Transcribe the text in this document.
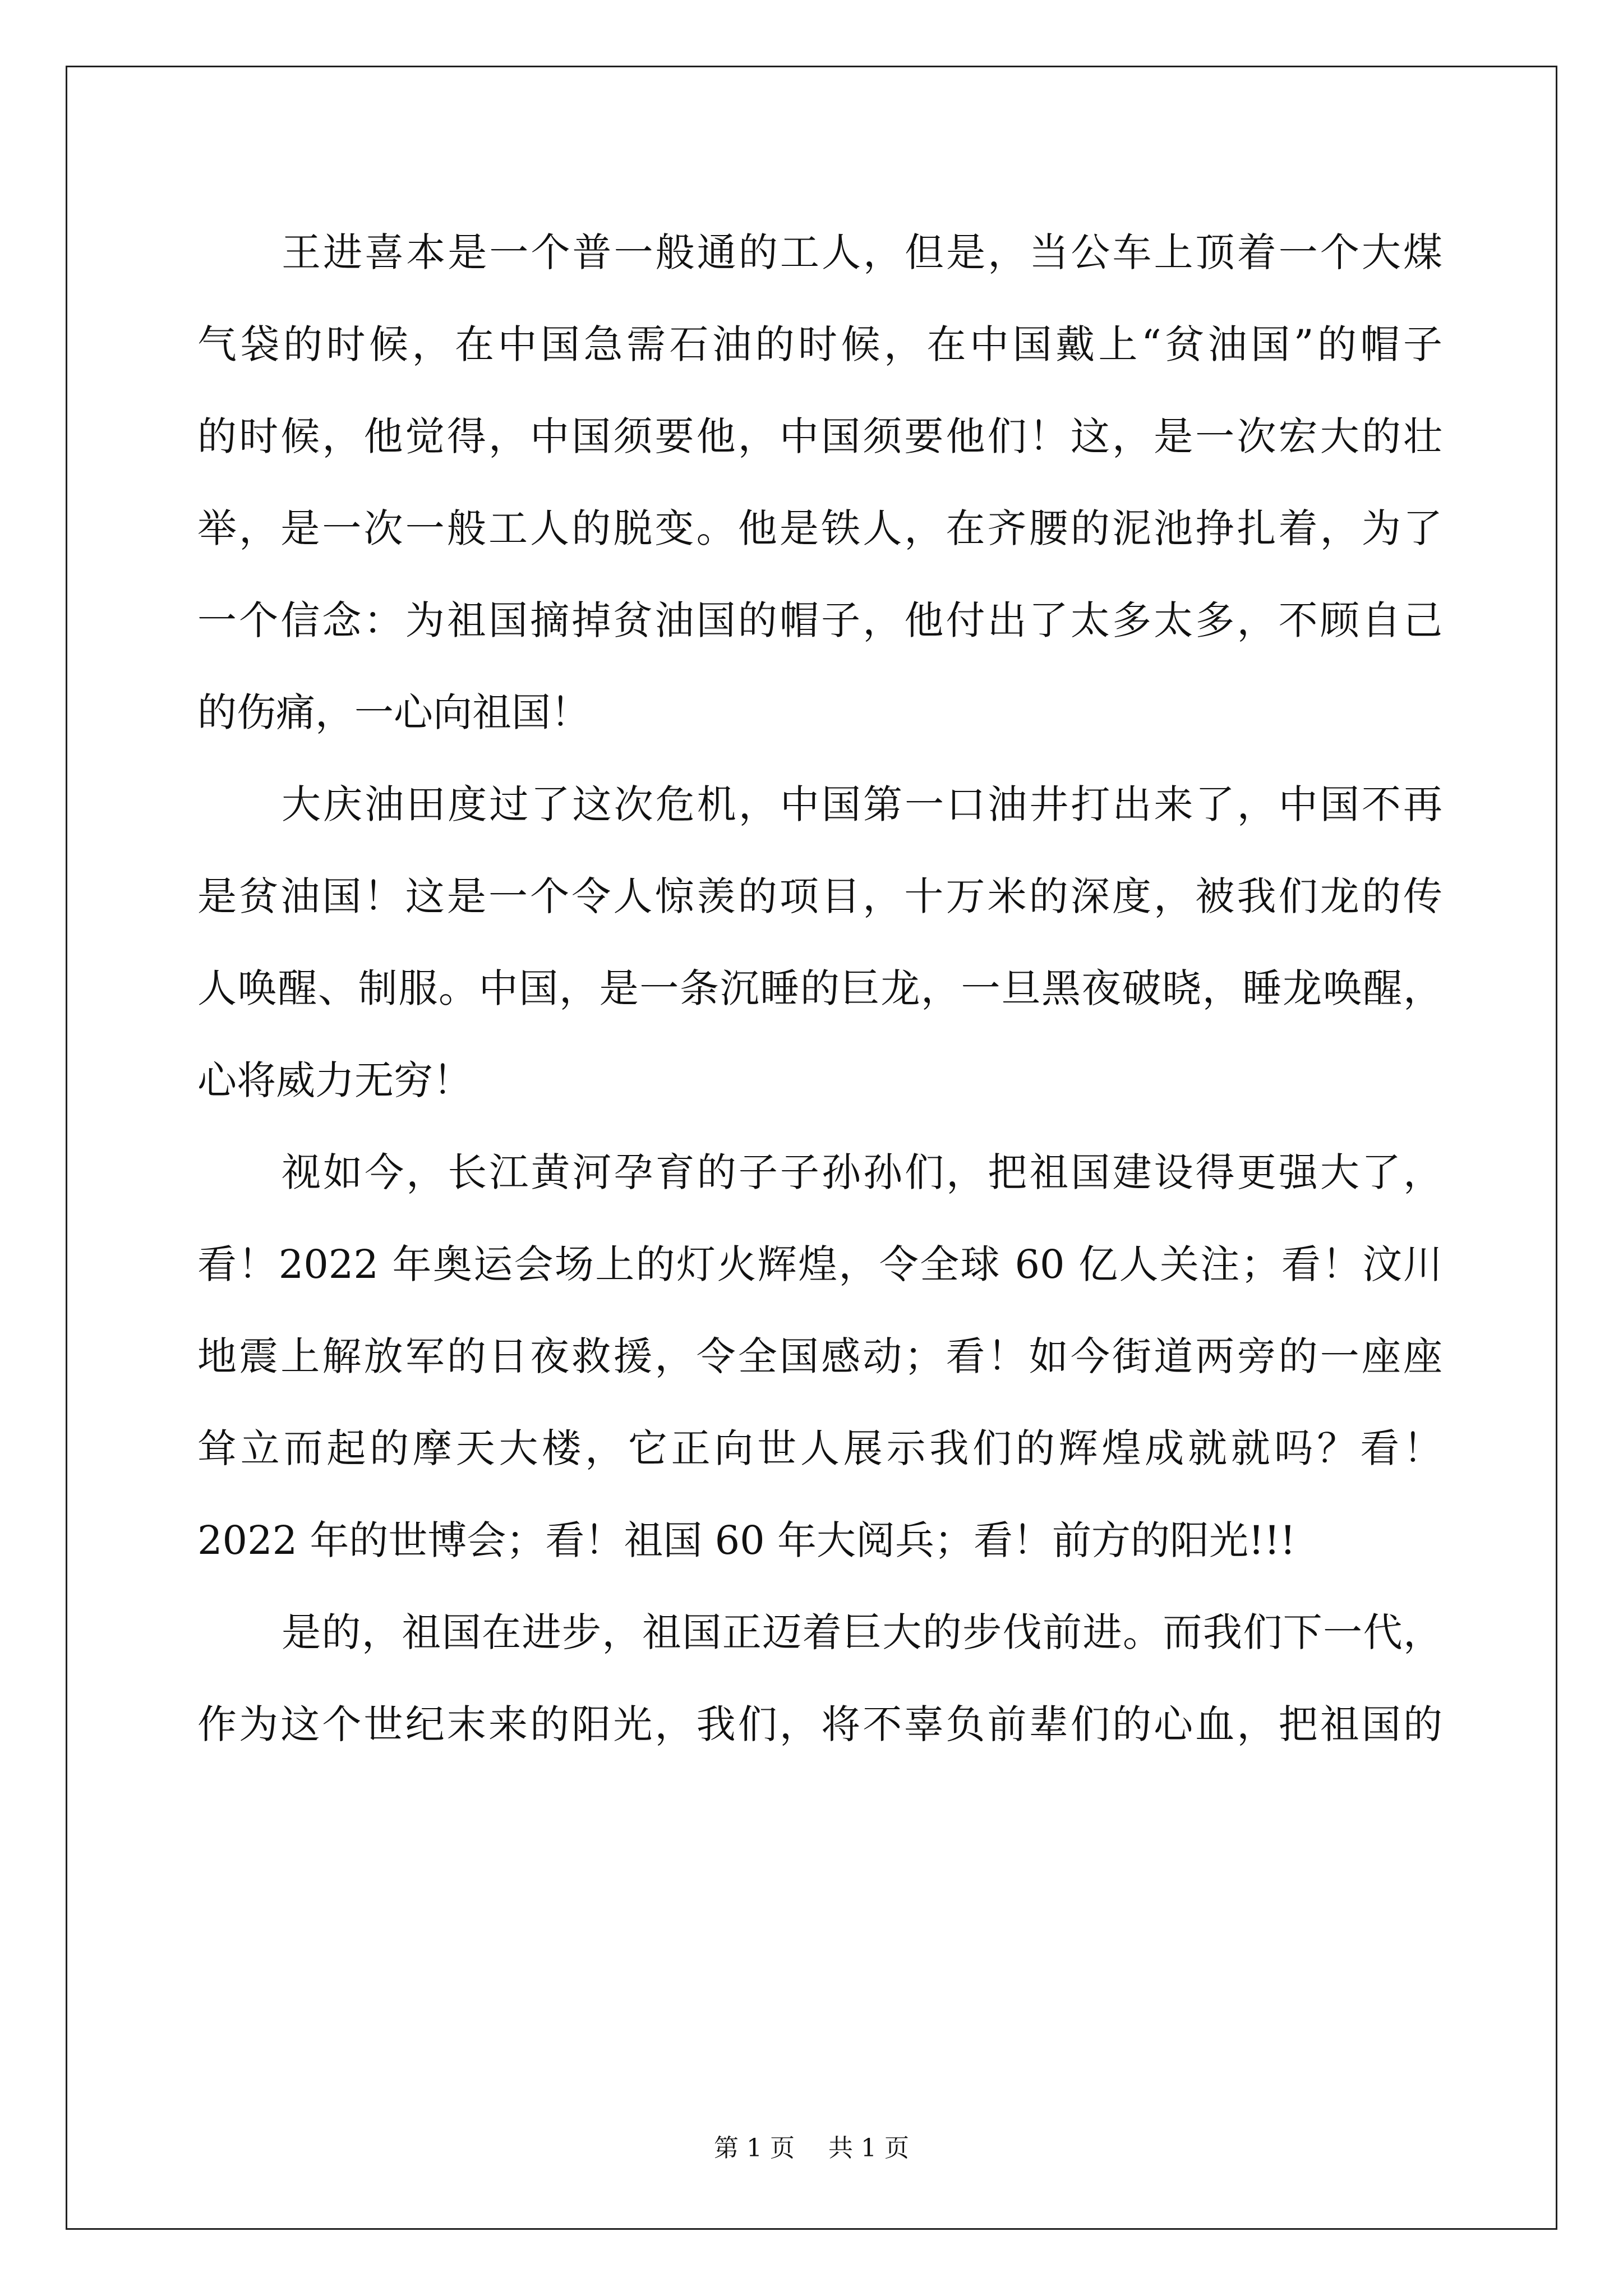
王进喜本是一个普一般通的工人，但是，当公车上顶着一个大煤
气袋的时候，在中国急需石油的时候，在中国戴上“贫油国”的帽子
的时候，他觉得，中国须要他，中国须要他们！这，是一次宏大的壮
举，是一次一般工人的脱变。他是铁人，在齐腰的泥池挣扎着，为了
一个信念：为祖国摘掉贫油国的帽子，他付出了太多太多，不顾自己
的伤痛，一心向祖国！

大庆油田度过了这次危机，中国第一口油井打出来了，中国不再
是贫油国！这是一个令人惊羡的项目，十万米的深度，被我们龙的传
人唤醒、制服。中国，是一条沉睡的巨龙，一旦黑夜破晓，睡龙唤醒，
心将威力无穷！

视如今，长江黄河孕育的子子孙孙们，把祖国建设得更强大了，
看！2022 年奥运会场上的灯火辉煌，令全球 60 亿人关注；看！汶川
地震上解放军的日夜救援，令全国感动；看！如今街道两旁的一座座
耸立而起的摩天大楼，它正向世人展示我们的辉煌成就就吗？看！
2022 年的世博会；看！祖国 60 年大阅兵；看！前方的阳光!!!

是的，祖国在进步，祖国正迈着巨大的步伐前进。而我们下一代，
作为这个世纪末来的阳光，我们，将不辜负前辈们的心血，把祖国的

第 1 页 共 1 页
